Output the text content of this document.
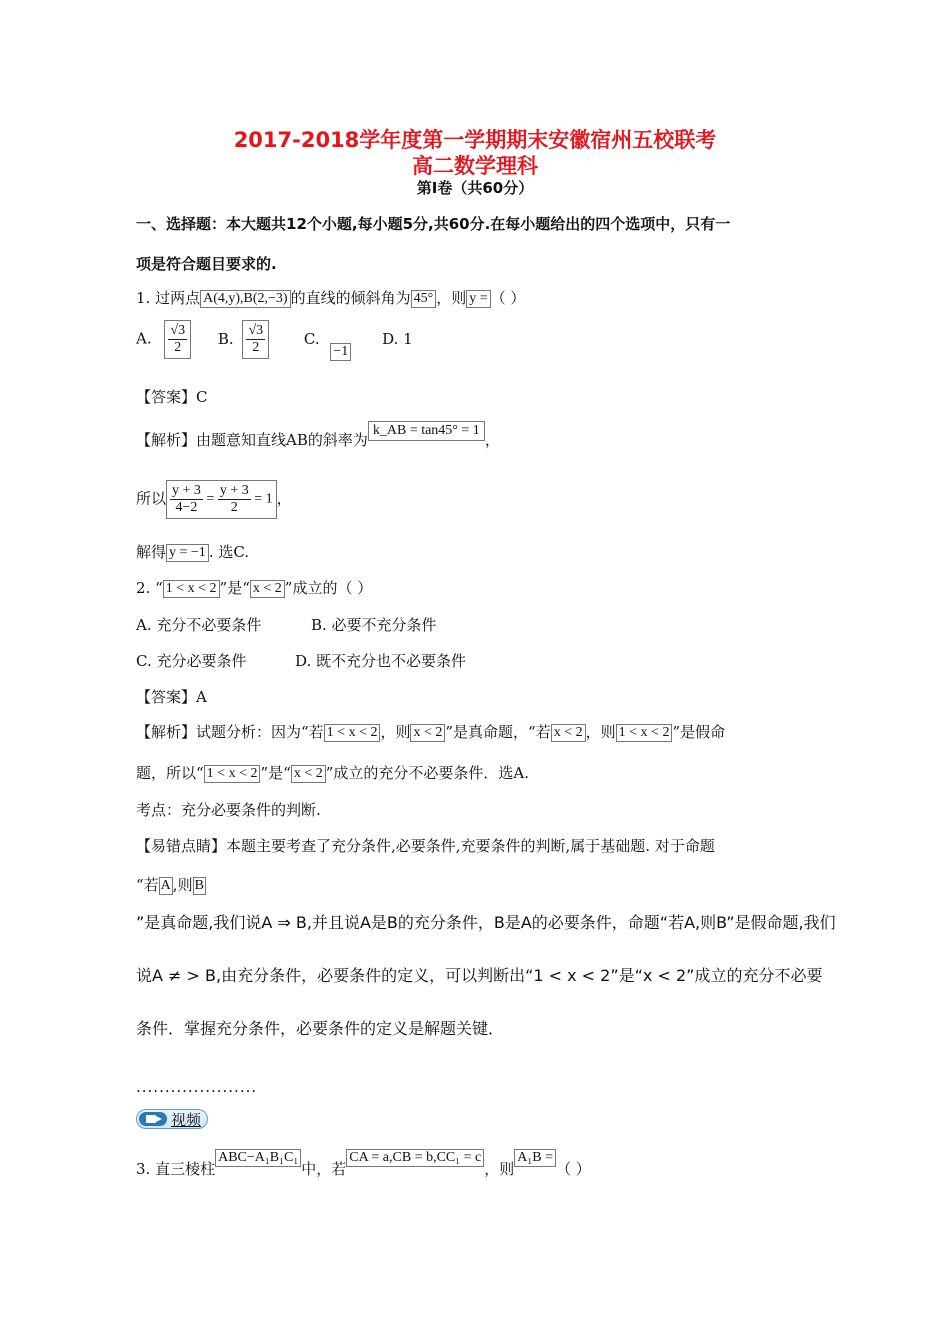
2017-2018学年度第一学期期末安徽宿州五校联考
高二数学理科
第Ⅰ卷（共60分）
一、选择题：本大题共12个小题,每小题5分,共60分.在每小题给出的四个选项中，只有一
项是符合题目要求的.
1. 过两点 A(4,y),B(2,−3) 的直线的倾斜角为 45° ，则 y = （ ）
A. $\frac{√3}{2} B$. $\frac{√3}{2}$	C. −1 D. 1
【答案】C
【解析】由题意知直线AB的斜率为k_AB = tan45° = 1，
所以 $\frac{y + 3}{4-2} = \frac{y + 3}{2} = 1$ ，
解得 y = −1 . 选C.
2. “ 1 < x < 2 ”是“ x < 2 ”成立的（ ）
A. 充分不必要条件	B. 必要不充分条件
C. 充分必要条件	D. 既不充分也不必要条件
【答案】A
【解析】试题分析：因为“若 1 < x < 2 ，则 x < 2 ”是真命题，“若 x < 2 ，则 1 < x < 2 ”是假命
题，所以“ 1 < x < 2 ”是“ x < 2 ”成立的充分不必要条件．选A.
考点：充分必要条件的判断.
【易错点睛】本题主要考查了充分条件,必要条件,充要条件的判断,属于基础题. 对于命题
“若 A ,则 B
”是真命题,我们说A ⇒ B,并且说A是B的充分条件，B是A的必要条件，命题“若A,则B”是假命题,我们
说A ≠ > B,由充分条件，必要条件的定义，可以判断出“1 < x < 2”是“x < 2”成立的充分不必要
条件．掌握充分条件，必要条件的定义是解题关键．
.....................
视频
3. 直三棱柱ABC−A₁B₁C₁中，若CA = a,CB = b,CC₁ = c，则A₁B =（ ）
